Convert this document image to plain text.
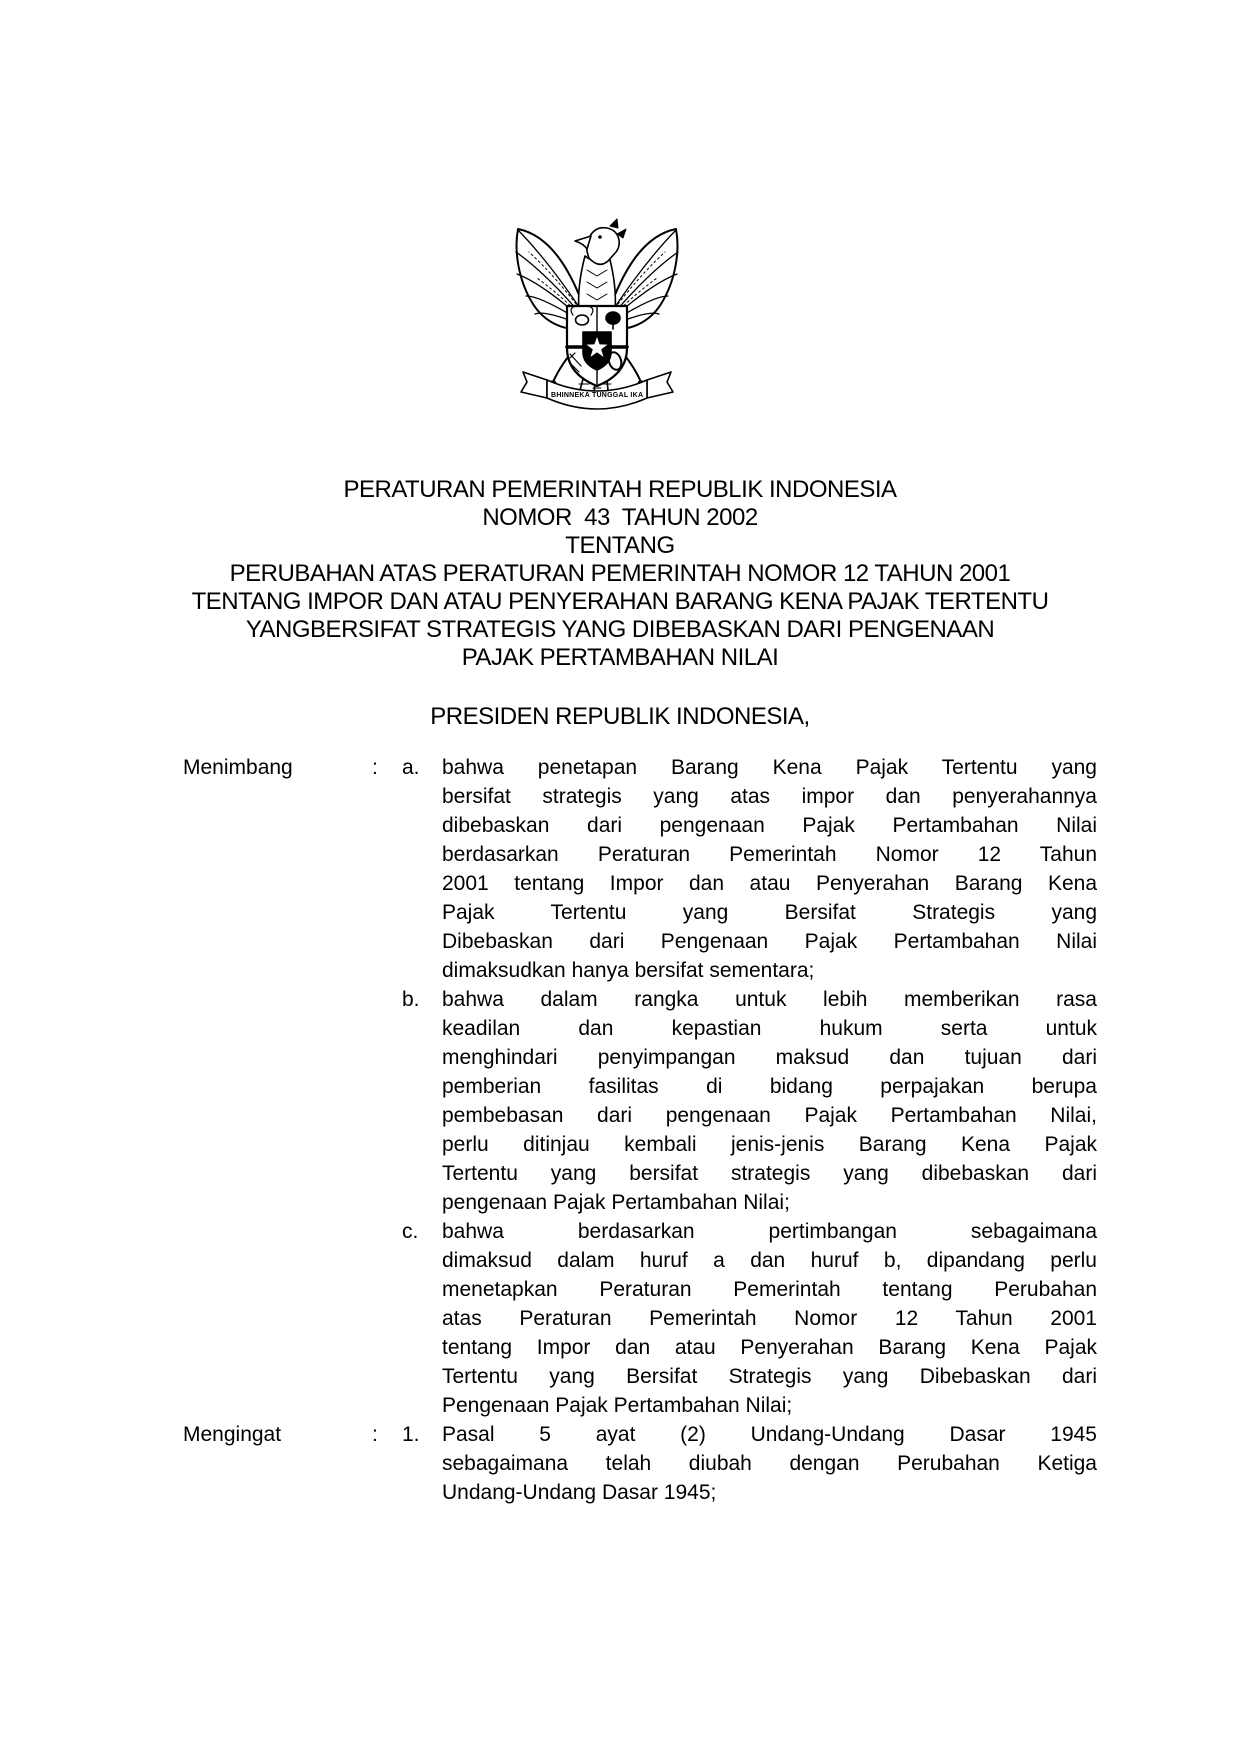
BHINNEKA TUNGGAL IKA
PERATURAN PEMERINTAH REPUBLIK INDONESIA
NOMOR  43  TAHUN 2002
TENTANG
PERUBAHAN ATAS PERATURAN PEMERINTAH NOMOR 12 TAHUN 2001
TENTANG IMPOR DAN ATAU PENYERAHAN BARANG KENA PAJAK TERTENTU
YANGBERSIFAT STRATEGIS YANG DIBEBASKAN DARI PENGENAAN
PAJAK PERTAMBAHAN NILAI
PRESIDEN REPUBLIK INDONESIA,
Menimbang	:	a.	bahwa penetapan Barang Kena Pajak Tertentu yang
bersifat strategis yang atas impor dan penyerahannya
dibebaskan dari pengenaan Pajak Pertambahan Nilai
berdasarkan Peraturan Pemerintah Nomor 12 Tahun
2001 tentang Impor dan atau Penyerahan Barang Kena
Pajak Tertentu yang Bersifat Strategis yang
Dibebaskan dari Pengenaan Pajak Pertambahan Nilai
dimaksudkan hanya bersifat sementara;
b.	bahwa dalam rangka untuk lebih memberikan rasa
keadilan dan kepastian hukum serta untuk
menghindari penyimpangan maksud dan tujuan dari
pemberian fasilitas di bidang perpajakan berupa
pembebasan dari pengenaan Pajak Pertambahan Nilai,
perlu ditinjau kembali jenis-jenis Barang Kena Pajak
Tertentu yang bersifat strategis yang dibebaskan dari
pengenaan Pajak Pertambahan Nilai;
c.	bahwa berdasarkan pertimbangan sebagaimana
dimaksud dalam huruf a dan huruf b, dipandang perlu
menetapkan Peraturan Pemerintah tentang Perubahan
atas Peraturan Pemerintah Nomor 12 Tahun 2001
tentang Impor dan atau Penyerahan Barang Kena Pajak
Tertentu yang Bersifat Strategis yang Dibebaskan dari
Pengenaan Pajak Pertambahan Nilai;
Mengingat	:	1.	Pasal 5 ayat (2) Undang-Undang Dasar 1945
sebagaimana telah diubah dengan Perubahan Ketiga
Undang-Undang Dasar 1945;
